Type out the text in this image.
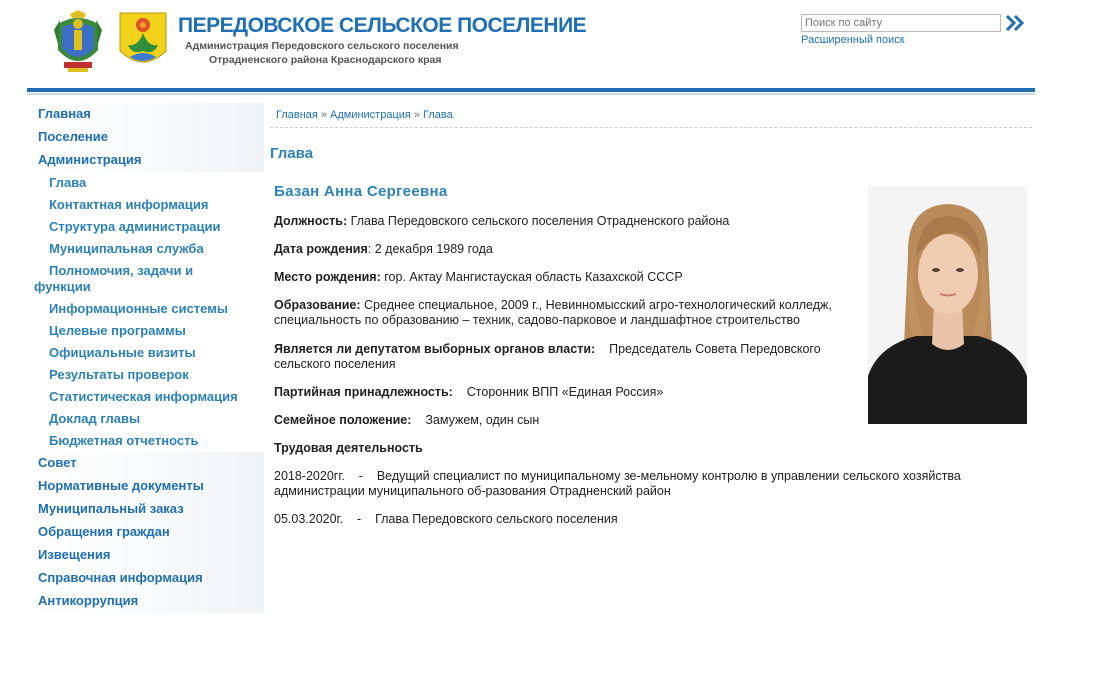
ПЕРЕДОВСКОЕ СЕЛЬСКОЕ ПОСЕЛЕНИЕ
Администрация Передовского сельского поселения
Отрадненского района Краснодарского края
Поиск по сайту
Расширенный поиск
Главная
Поселение
Администрация
Глава
Контактная информация
Структура администрации
Муниципальная служба
Полномочия, задачи и функции
Информационные системы
Целевые программы
Официальные визиты
Результаты проверок
Статистическая информация
Доклад главы
Бюджетная отчетность
Совет
Нормативные документы
Муниципальный заказ
Обращения граждан
Извещения
Справочная информация
Антикоррупция
Главная » Администрация » Глава
Глава
Базан Анна Сергеевна
Должность: Глава Передовского сельского поселения Отрадненского района
Дата рождения: 2 декабря 1989 года
Место рождения: гор. Актау Мангистауская область Казахской СССР
Образование: Среднее специальное, 2009 г., Невинномысский агро-технологический колледж, специальность по образованию – техник, садово-парковое и ландшафтное строительство
Является ли депутатом выборных органов власти: Председатель Совета Передовского сельского поселения
Партийная принадлежность: Сторонник ВПП «Единая Россия»
Семейное положение: Замужем, один сын
Трудовая деятельность
2018-2020гг. - Ведущий специалист по муниципальному зе-мельному контролю в управлении сельского хозяйства администрации муниципального об-разования Отрадненский район
05.03.2020г. - Глава Передовского сельского поселения
